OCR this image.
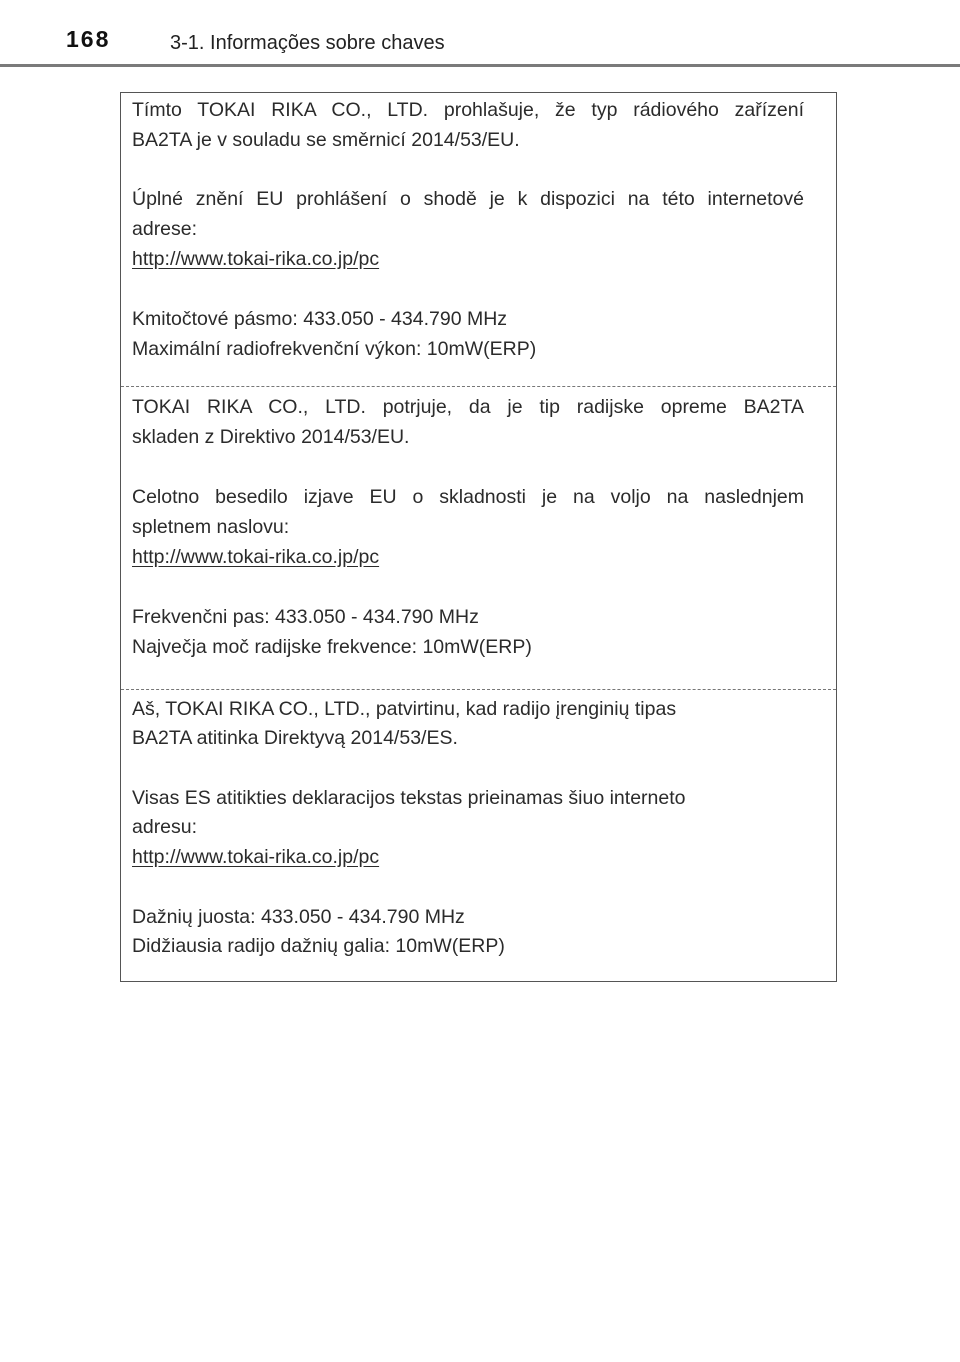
168	3-1. Informações sobre chaves
Tímto TOKAI RIKA CO., LTD. prohlašuje, že typ rádiového zařízení
BA2TA je v souladu se směrnicí 2014/53/EU.
Úplné znění EU prohlášení o shodě je k dispozici na této internetové
adrese:
http://www.tokai-rika.co.jp/pc
Kmitočtové pásmo: 433.050 - 434.790 MHz
Maximální radiofrekvenční výkon: 10mW(ERP)
TOKAI RIKA CO., LTD. potrjuje, da je tip radijske opreme BA2TA
skladen z Direktivo 2014/53/EU.
Celotno besedilo izjave EU o skladnosti je na voljo na naslednjem
spletnem naslovu:
http://www.tokai-rika.co.jp/pc
Frekvenčni pas: 433.050 - 434.790 MHz
Največja moč radijske frekvence: 10mW(ERP)
Aš, TOKAI RIKA CO., LTD., patvirtinu, kad radijo įrenginių tipas
BA2TA atitinka Direktyvą 2014/53/ES.
Visas ES atitikties deklaracijos tekstas prieinamas šiuo interneto
adresu:
http://www.tokai-rika.co.jp/pc
Dažnių juosta: 433.050 - 434.790 MHz
Didžiausia radijo dažnių galia: 10mW(ERP)
